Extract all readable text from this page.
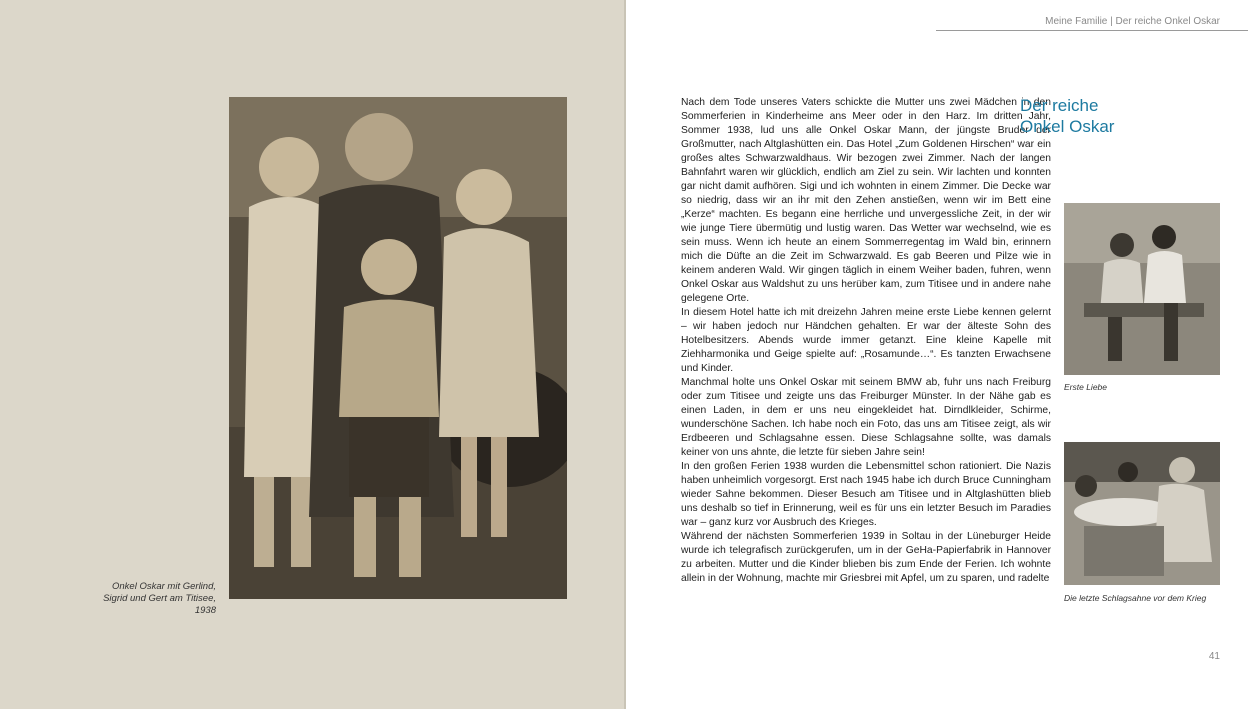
Onkel Oskar mit Gerlind, Sigrid und Gert am Titisee, 1938
Meine Familie | Der reiche Onkel Oskar

Nach dem Tode unseres Vaters schickte die Mutter uns zwei Mädchen in den Sommerferien in Kinderheime ans Meer oder in den Harz. Im dritten Jahr, Sommer 1938, lud uns alle Onkel Oskar Mann, der jüngste Bruder der Großmutter, nach Altglashütten ein. Das Hotel „Zum Goldenen Hirschen“ war ein großes altes Schwarzwaldhaus. Wir bezogen zwei Zimmer. Nach der langen Bahnfahrt waren wir glücklich, endlich am Ziel zu sein. Wir lachten und konnten gar nicht damit aufhören. Sigi und ich wohnten in einem Zimmer. Die Decke war so niedrig, dass wir an ihr mit den Zehen anstießen, wenn wir im Bett eine „Kerze“ machten. Es begann eine herrliche und unvergessliche Zeit, in der wir wie junge Tiere übermütig und lustig waren. Das Wetter war wechselnd, wie es sein muss. Wenn ich heute an einem Sommerregentag im Wald bin, erinnern mich die Düfte an die Zeit im Schwarzwald. Es gab Beeren und Pilze wie in keinem anderen Wald. Wir gingen täglich in einem Weiher baden, fuhren, wenn Onkel Oskar aus Waldshut zu uns herüber kam, zum Titisee und in andere nahe gelegene Orte.

In diesem Hotel hatte ich mit dreizehn Jahren meine erste Liebe kennen gelernt – wir haben jedoch nur Händchen gehalten. Er war der älteste Sohn des Hotelbesitzers. Abends wurde immer getanzt. Eine kleine Kapelle mit Ziehharmonika und Geige spielte auf: „Rosamunde…“. Es tanzten Erwachsene und Kinder.

Manchmal holte uns Onkel Oskar mit seinem BMW ab, fuhr uns nach Freiburg oder zum Titisee und zeigte uns das Freiburger Münster. In der Nähe gab es einen Laden, in dem er uns neu eingekleidet hat. Dirndlkleider, Schirme, wunderschöne Sachen. Ich habe noch ein Foto, das uns am Titisee zeigt, als wir Erdbeeren und Schlagsahne essen. Diese Schlagsahne sollte, was damals keiner von uns ahnte, die letzte für sieben Jahre sein!

In den großen Ferien 1938 wurden die Lebensmittel schon rationiert. Die Nazis haben unheimlich vorgesorgt. Erst nach 1945 habe ich durch Bruce Cunningham wieder Sahne bekommen. Dieser Besuch am Titisee und in Altglashütten blieb uns deshalb so tief in Erinnerung, weil es für uns ein letzter Besuch im Paradies war – ganz kurz vor Ausbruch des Krieges.

Während der nächsten Sommerferien 1939 in Soltau in der Lüneburger Heide wurde ich telegrafisch zurückgerufen, um in der GeHa-Papierfabrik in Hannover zu arbeiten. Mutter und die Kinder blieben bis zum Ende der Ferien. Ich wohnte allein in der Wohnung, machte mir Griesbrei mit Apfel, um zu sparen, und radelte

Der reiche
Onkel Oskar
Erste Liebe
Die letzte Schlagsahne vor dem Krieg
41
